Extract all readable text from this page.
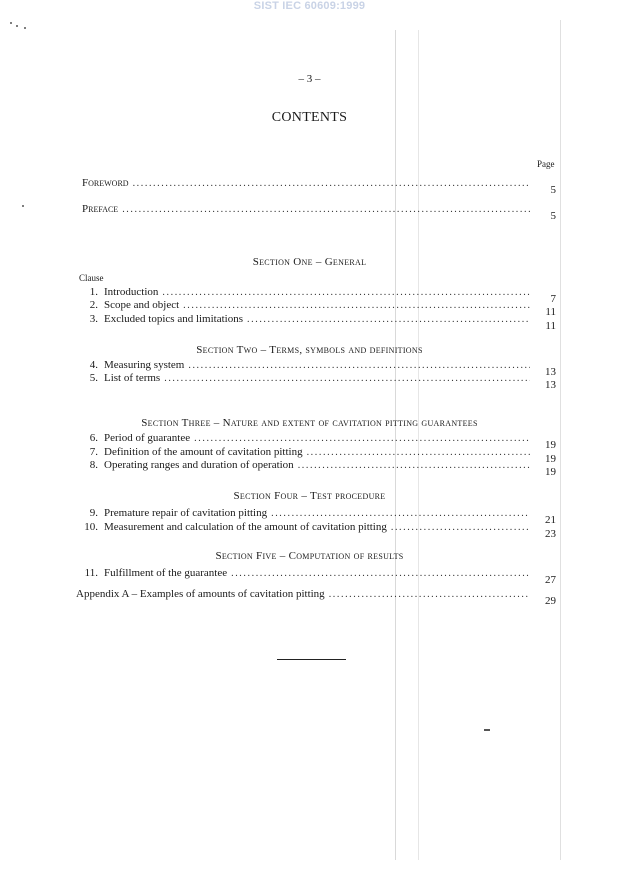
SIST IEC 60609:1999
– 3 –
CONTENTS
Page
Foreword
.....
5
Preface
.....
5
Section One – General
Clause
1. Introduction
.....
7
2. Scope and object
.....
11
3. Excluded topics and limitations
.....
11
Section Two – Terms, symbols and definitions
4. Measuring system
.....
13
5. List of terms
.....
13
Section Three – Nature and extent of cavitation pitting guarantees
6. Period of guarantee
.....
19
7. Definition of the amount of cavitation pitting
.....
19
8. Operating ranges and duration of operation
.....
19
Section Four – Test procedure
9. Premature repair of cavitation pitting
.....
21
10. Measurement and calculation of the amount of cavitation pitting
.....
23
Section Five – Computation of results
11. Fulfillment of the guarantee
.....
27
Appendix A – Examples of amounts of cavitation pitting
.....
29
